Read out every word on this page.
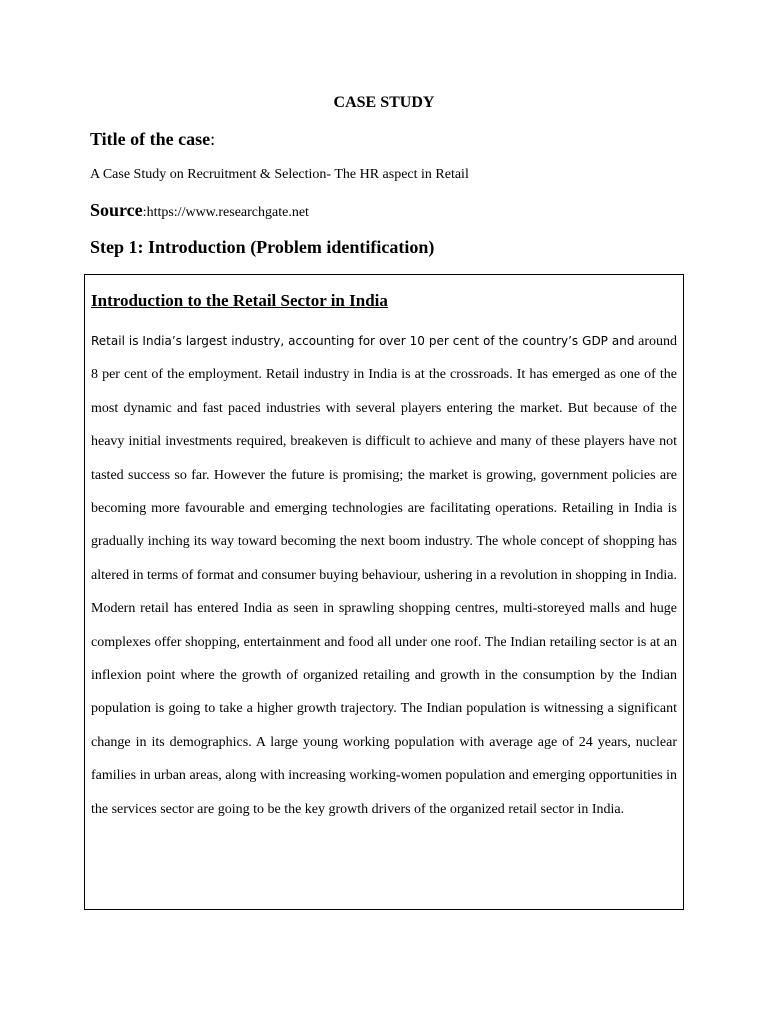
CASE STUDY
Title of the case:
A Case Study on Recruitment & Selection- The HR aspect in Retail
Source:https://www.researchgate.net
Step 1: Introduction (Problem identification)
Introduction to the Retail Sector in India

Retail is India’s largest industry, accounting for over 10 per cent of the country’s GDP and around 8 per cent of the employment. Retail industry in India is at the crossroads. It has emerged as one of the most dynamic and fast paced industries with several players entering the market. But because of the heavy initial investments required, breakeven is difficult to achieve and many of these players have not tasted success so far. However the future is promising; the market is growing, government policies are becoming more favourable and emerging technologies are facilitating operations. Retailing in India is gradually inching its way toward becoming the next boom industry. The whole concept of shopping has altered in terms of format and consumer buying behaviour, ushering in a revolution in shopping in India. Modern retail has entered India as seen in sprawling shopping centres, multi-storeyed malls and huge complexes offer shopping, entertainment and food all under one roof. The Indian retailing sector is at an inflexion point where the growth of organized retailing and growth in the consumption by the Indian population is going to take a higher growth trajectory. The Indian population is witnessing a significant change in its demographics. A large young working population with average age of 24 years, nuclear families in urban areas, along with increasing working-women population and emerging opportunities in the services sector are going to be the key growth drivers of the organized retail sector in India.
